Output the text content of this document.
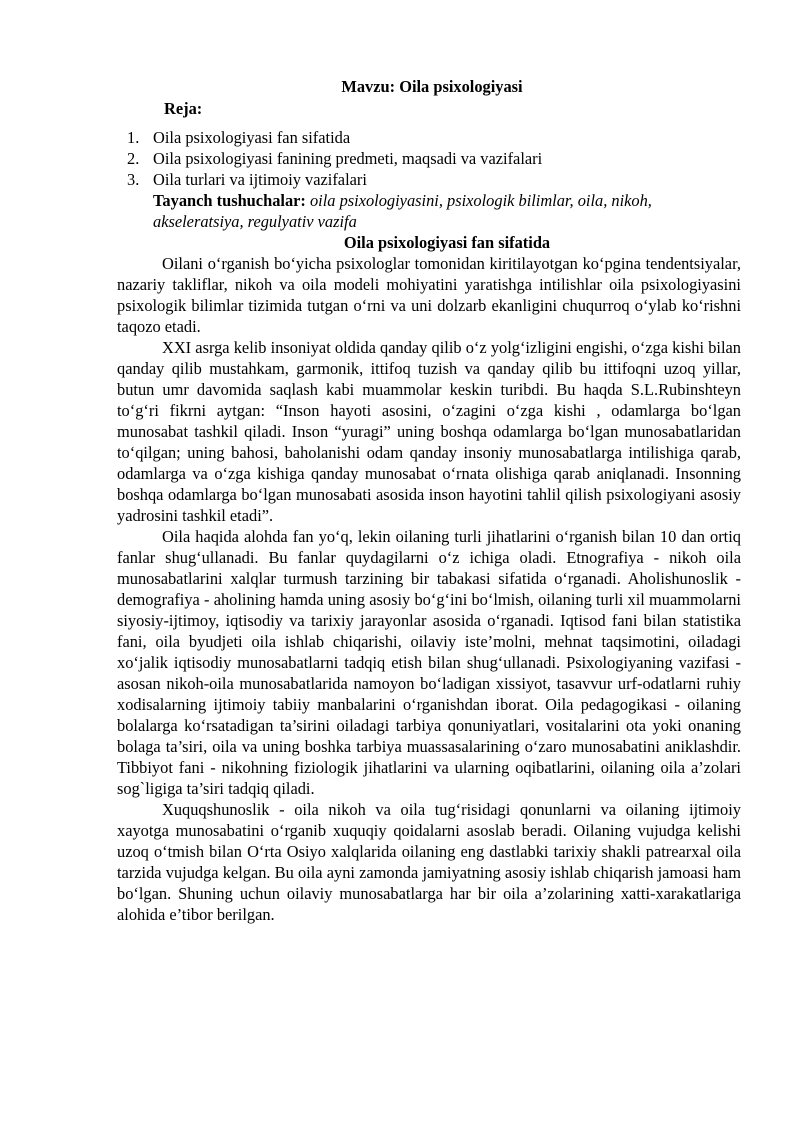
Mavzu: Oila psixologiyasi

Reja:

1. Oila psixologiyasi fan sifatida
2. Oila psixologiyasi fanining predmeti, maqsadi va vazifalari
3. Oila turlari va ijtimoiy vazifalari

Tayanch tushuchalar: oila psixologiyasini, psixologik bilimlar, oila, nikoh, akseleratsiya, regulyativ vazifa

Oila psixologiyasi fan sifatida

Oilani o‘rganish bo‘yicha psixologlar tomonidan kiritilayotgan ko‘pgina tendentsiyalar, nazariy takliflar, nikoh va oila modeli mohiyatini yaratishga intilishlar oila psixologiyasini psixologik bilimlar tizimida tutgan o‘rni va uni dolzarb ekanligini chuqurroq o‘ylab ko‘rishni taqozo etadi.

XXI asrga kelib insoniyat oldida qanday qilib o‘z yolg‘izligini engishi, o‘zga kishi bilan qanday qilib mustahkam, garmonik, ittifoq tuzish va qanday qilib bu ittifoqni uzoq yillar, butun umr davomida saqlash kabi muammolar keskin turibdi. Bu haqda S.L.Rubinshteyn to‘g‘ri fikrni aytgan: “Inson hayoti asosini, o‘zagini o‘zga kishi , odamlarga bo‘lgan munosabat tashkil qiladi. Inson “yuragi” uning boshqa odamlarga bo‘lgan munosabatlaridan to‘qilgan; uning bahosi, baholanishi odam qanday insoniy munosabatlarga intilishiga qarab, odamlarga va o‘zga kishiga qanday munosabat o‘rnata olishiga qarab aniqlanadi. Insonning boshqa odamlarga bo‘lgan munosabati asosida inson hayotini tahlil qilish psixologiyani asosiy yadrosini tashkil etadi”.

Oila haqida alohda fan yo‘q, lekin oilaning turli jihatlarini o‘rganish bilan 10 dan ortiq fanlar shug‘ullanadi. Bu fanlar quydagilarni o‘z ichiga oladi. Etnografiya - nikoh oila munosabatlarini xalqlar turmush tarzining bir tabakasi sifatida o‘rganadi. Aholishunoslik - demografiya - aholining hamda uning asosiy bo‘g‘ini bo‘lmish, oilaning turli xil muammolarni siyosiy-ijtimoy, iqtisodiy va tarixiy jarayonlar asosida o‘rganadi. Iqtisod fani bilan statistika fani, oila byudjeti oila ishlab chiqarishi, oilaviy iste’molni, mehnat taqsimotini, oiladagi xo‘jalik iqtisodiy munosabatlarni tadqiq etish bilan shug‘ullanadi. Psixologiyaning vazifasi - asosan nikoh-oila munosabatlarida namoyon bo‘ladigan xissiyot, tasavvur urf-odatlarni ruhiy xodisalarning ijtimoiy tabiiy manbalarini o‘rganishdan iborat. Oila pedagogikasi - oilaning bolalarga ko‘rsatadigan ta’sirini oiladagi tarbiya qonuniyatlari, vositalarini ota yoki onaning bolaga ta’siri, oila va uning boshka tarbiya muassasalarining o‘zaro munosabatini aniklashdir. Tibbiyot fani - nikohning fiziologik jihatlarini va ularning oqibatlarini, oilaning oila a’zolari sog`ligiga ta’siri tadqiq qiladi.

Xuquqshunoslik - oila nikoh va oila tug‘risidagi qonunlarni va oilaning ijtimoiy xayotga munosabatini o‘rganib xuquqiy qoidalarni asoslab beradi. Oilaning vujudga kelishi uzoq o‘tmish bilan O‘rta Osiyo xalqlarida oilaning eng dastlabki tarixiy shakli patrearxal oila tarzida vujudga kelgan. Bu oila ayni zamonda jamiyatning asosiy ishlab chiqarish jamoasi ham bo‘lgan. Shuning uchun oilaviy munosabatlarga har bir oila a’zolarining xatti-xarakatlariga alohida e’tibor berilgan.
